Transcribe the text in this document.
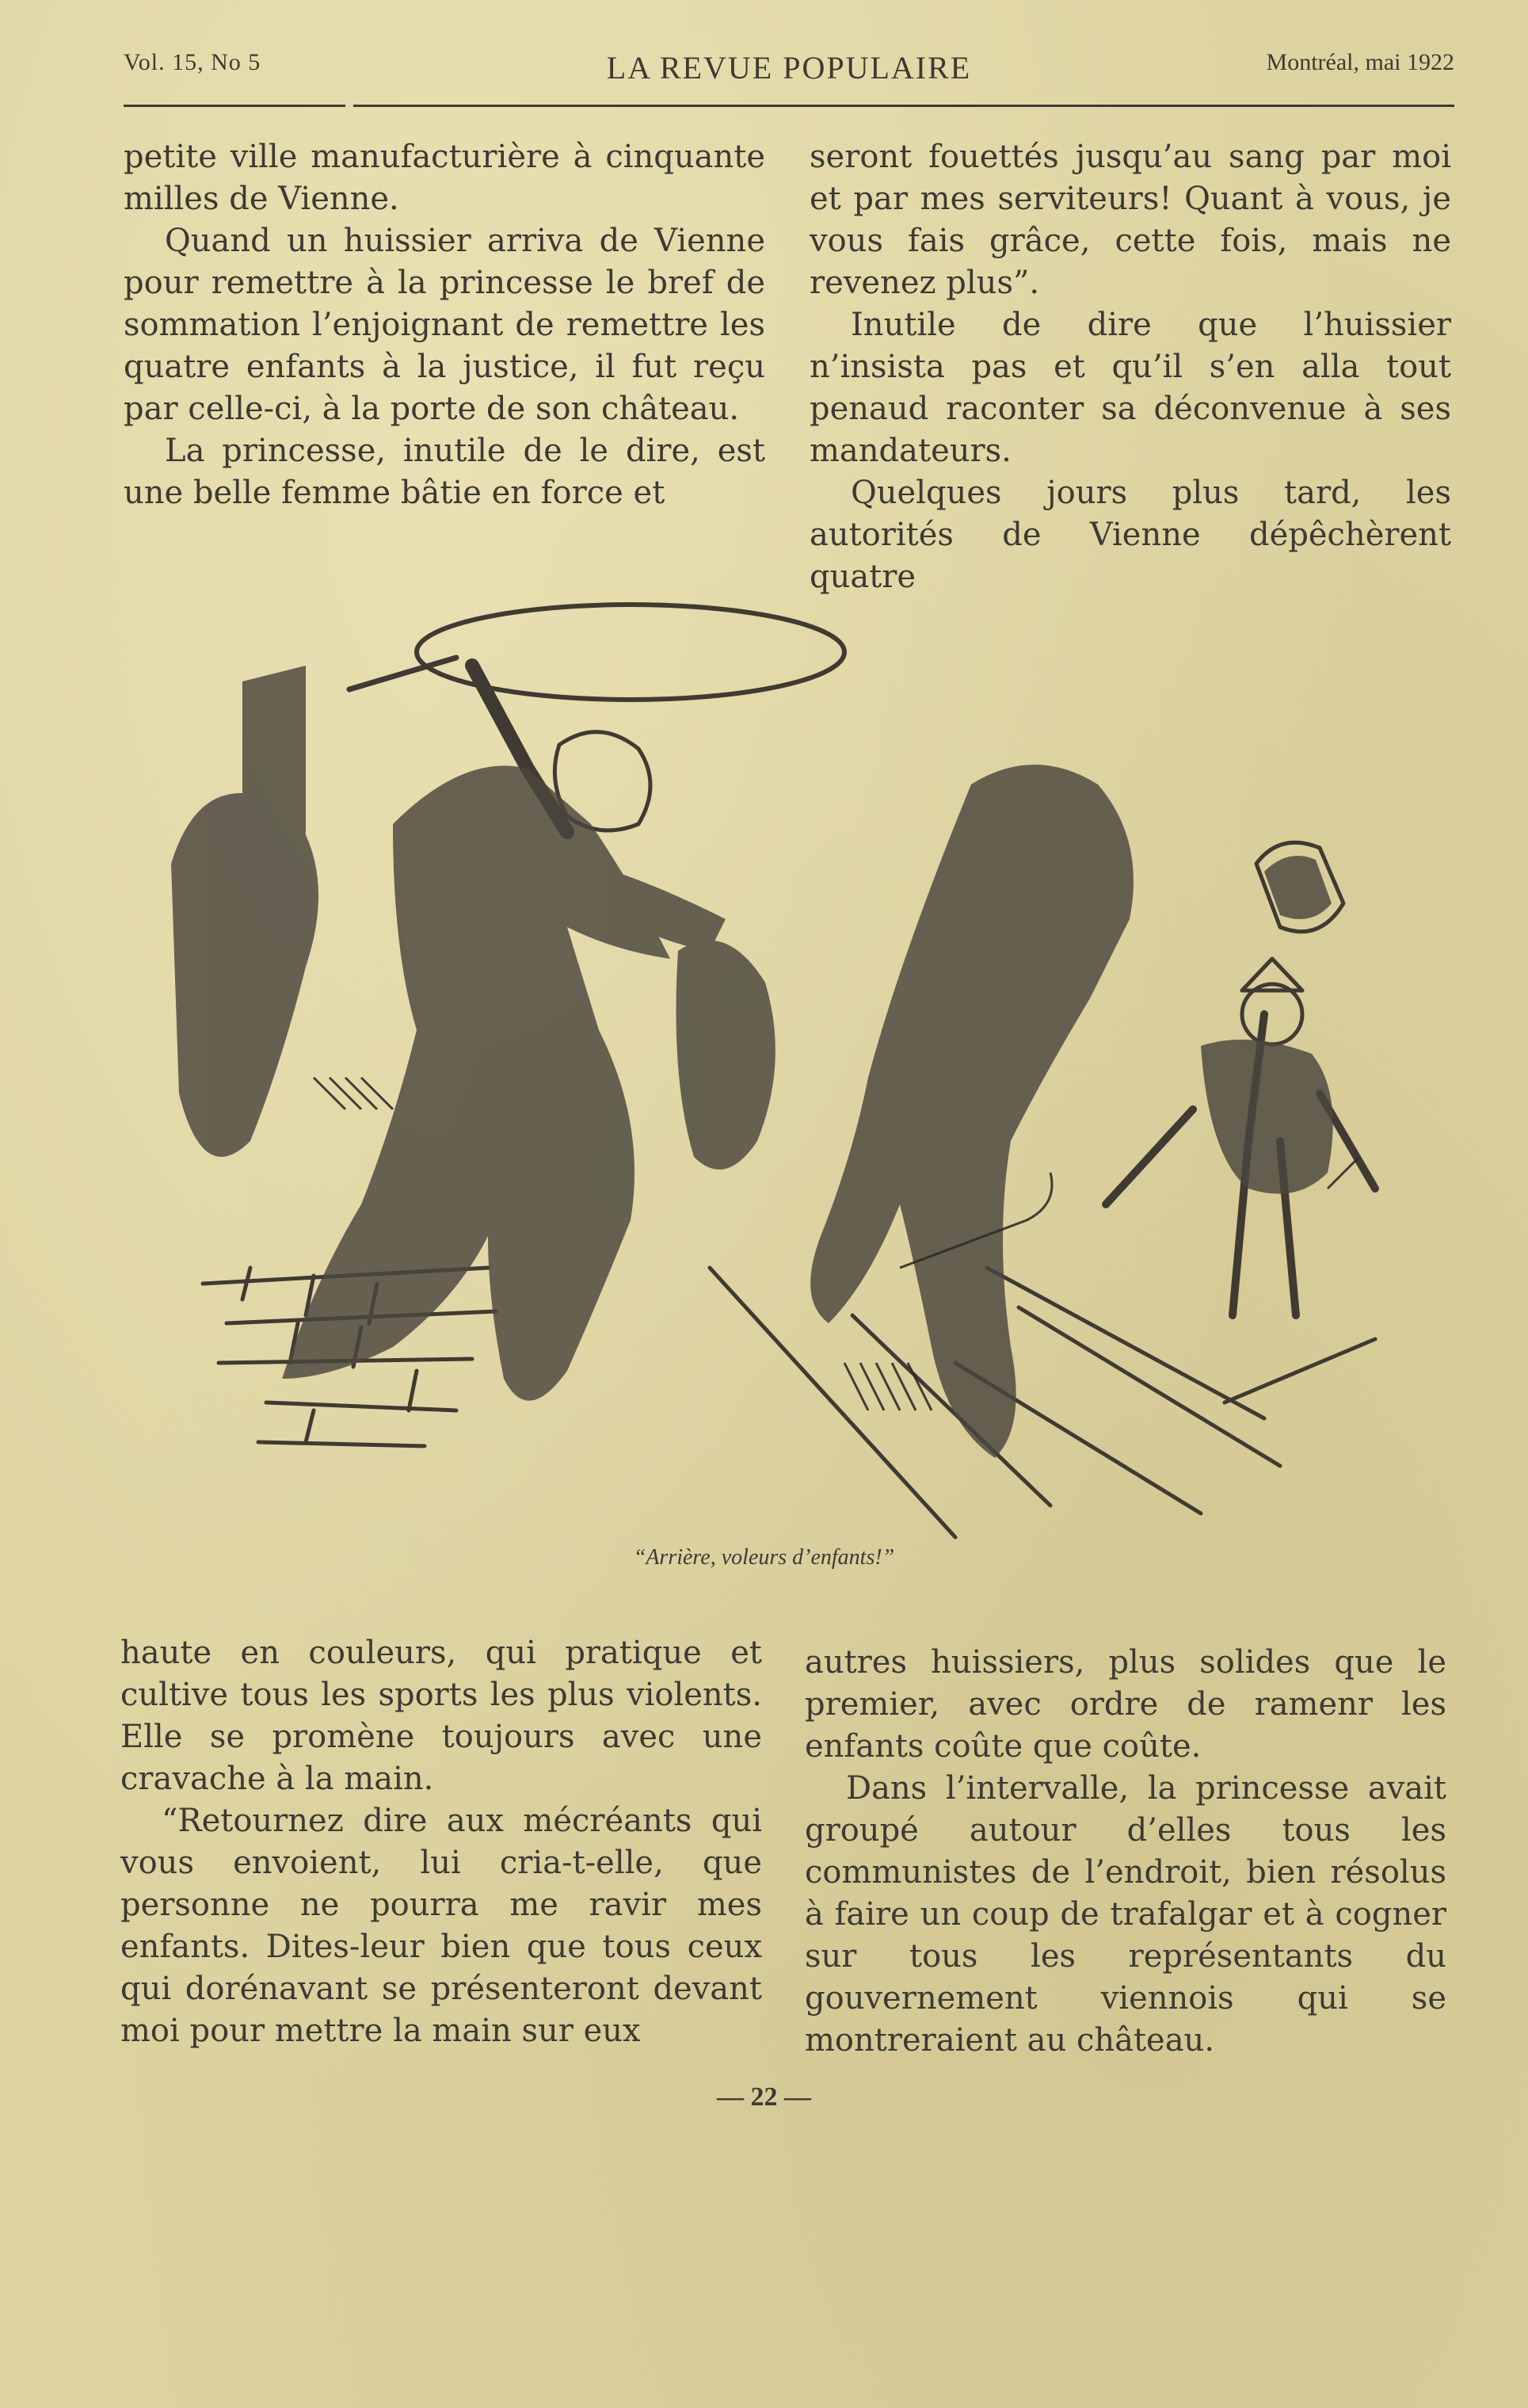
Vol. 15, No 5	LA REVUE POPULAIRE	Montréal, mai 1922

petite ville manufacturière à cinquante milles de Vienne.

Quand un huissier arriva de Vienne pour remettre à la princesse le bref de sommation l’enjoignant de remettre les quatre enfants à la justice, il fut reçu par celle-ci, à la porte de son château.

La princesse, inutile de le dire, est une belle femme bâtie en force et

seront fouettés jusqu’au sang par moi et par mes serviteurs! Quant à vous, je vous fais grâce, cette fois, mais ne revenez plus”.

Inutile de dire que l’huissier n’insista pas et qu’il s’en alla tout penaud raconter sa déconvenue à ses mandateurs.

Quelques jours plus tard, les autorités de Vienne dépêchèrent quatre

“Arrière, voleurs d’enfants!”

haute en couleurs, qui pratique et cultive tous les sports les plus violents. Elle se promène toujours avec une cravache à la main.

“Retournez dire aux mécréants qui vous envoient, lui cria-t-elle, que personne ne pourra me ravir mes enfants. Dites-leur bien que tous ceux qui dorénavant se présenteront devant moi pour mettre la main sur eux

autres huissiers, plus solides que le premier, avec ordre de ramenr les enfants coûte que coûte.

Dans l’intervalle, la princesse avait groupé autour d’elles tous les communistes de l’endroit, bien résolus à faire un coup de trafalgar et à cogner sur tous les représentants du gouvernement viennois qui se montreraient au château.

— 22 —
